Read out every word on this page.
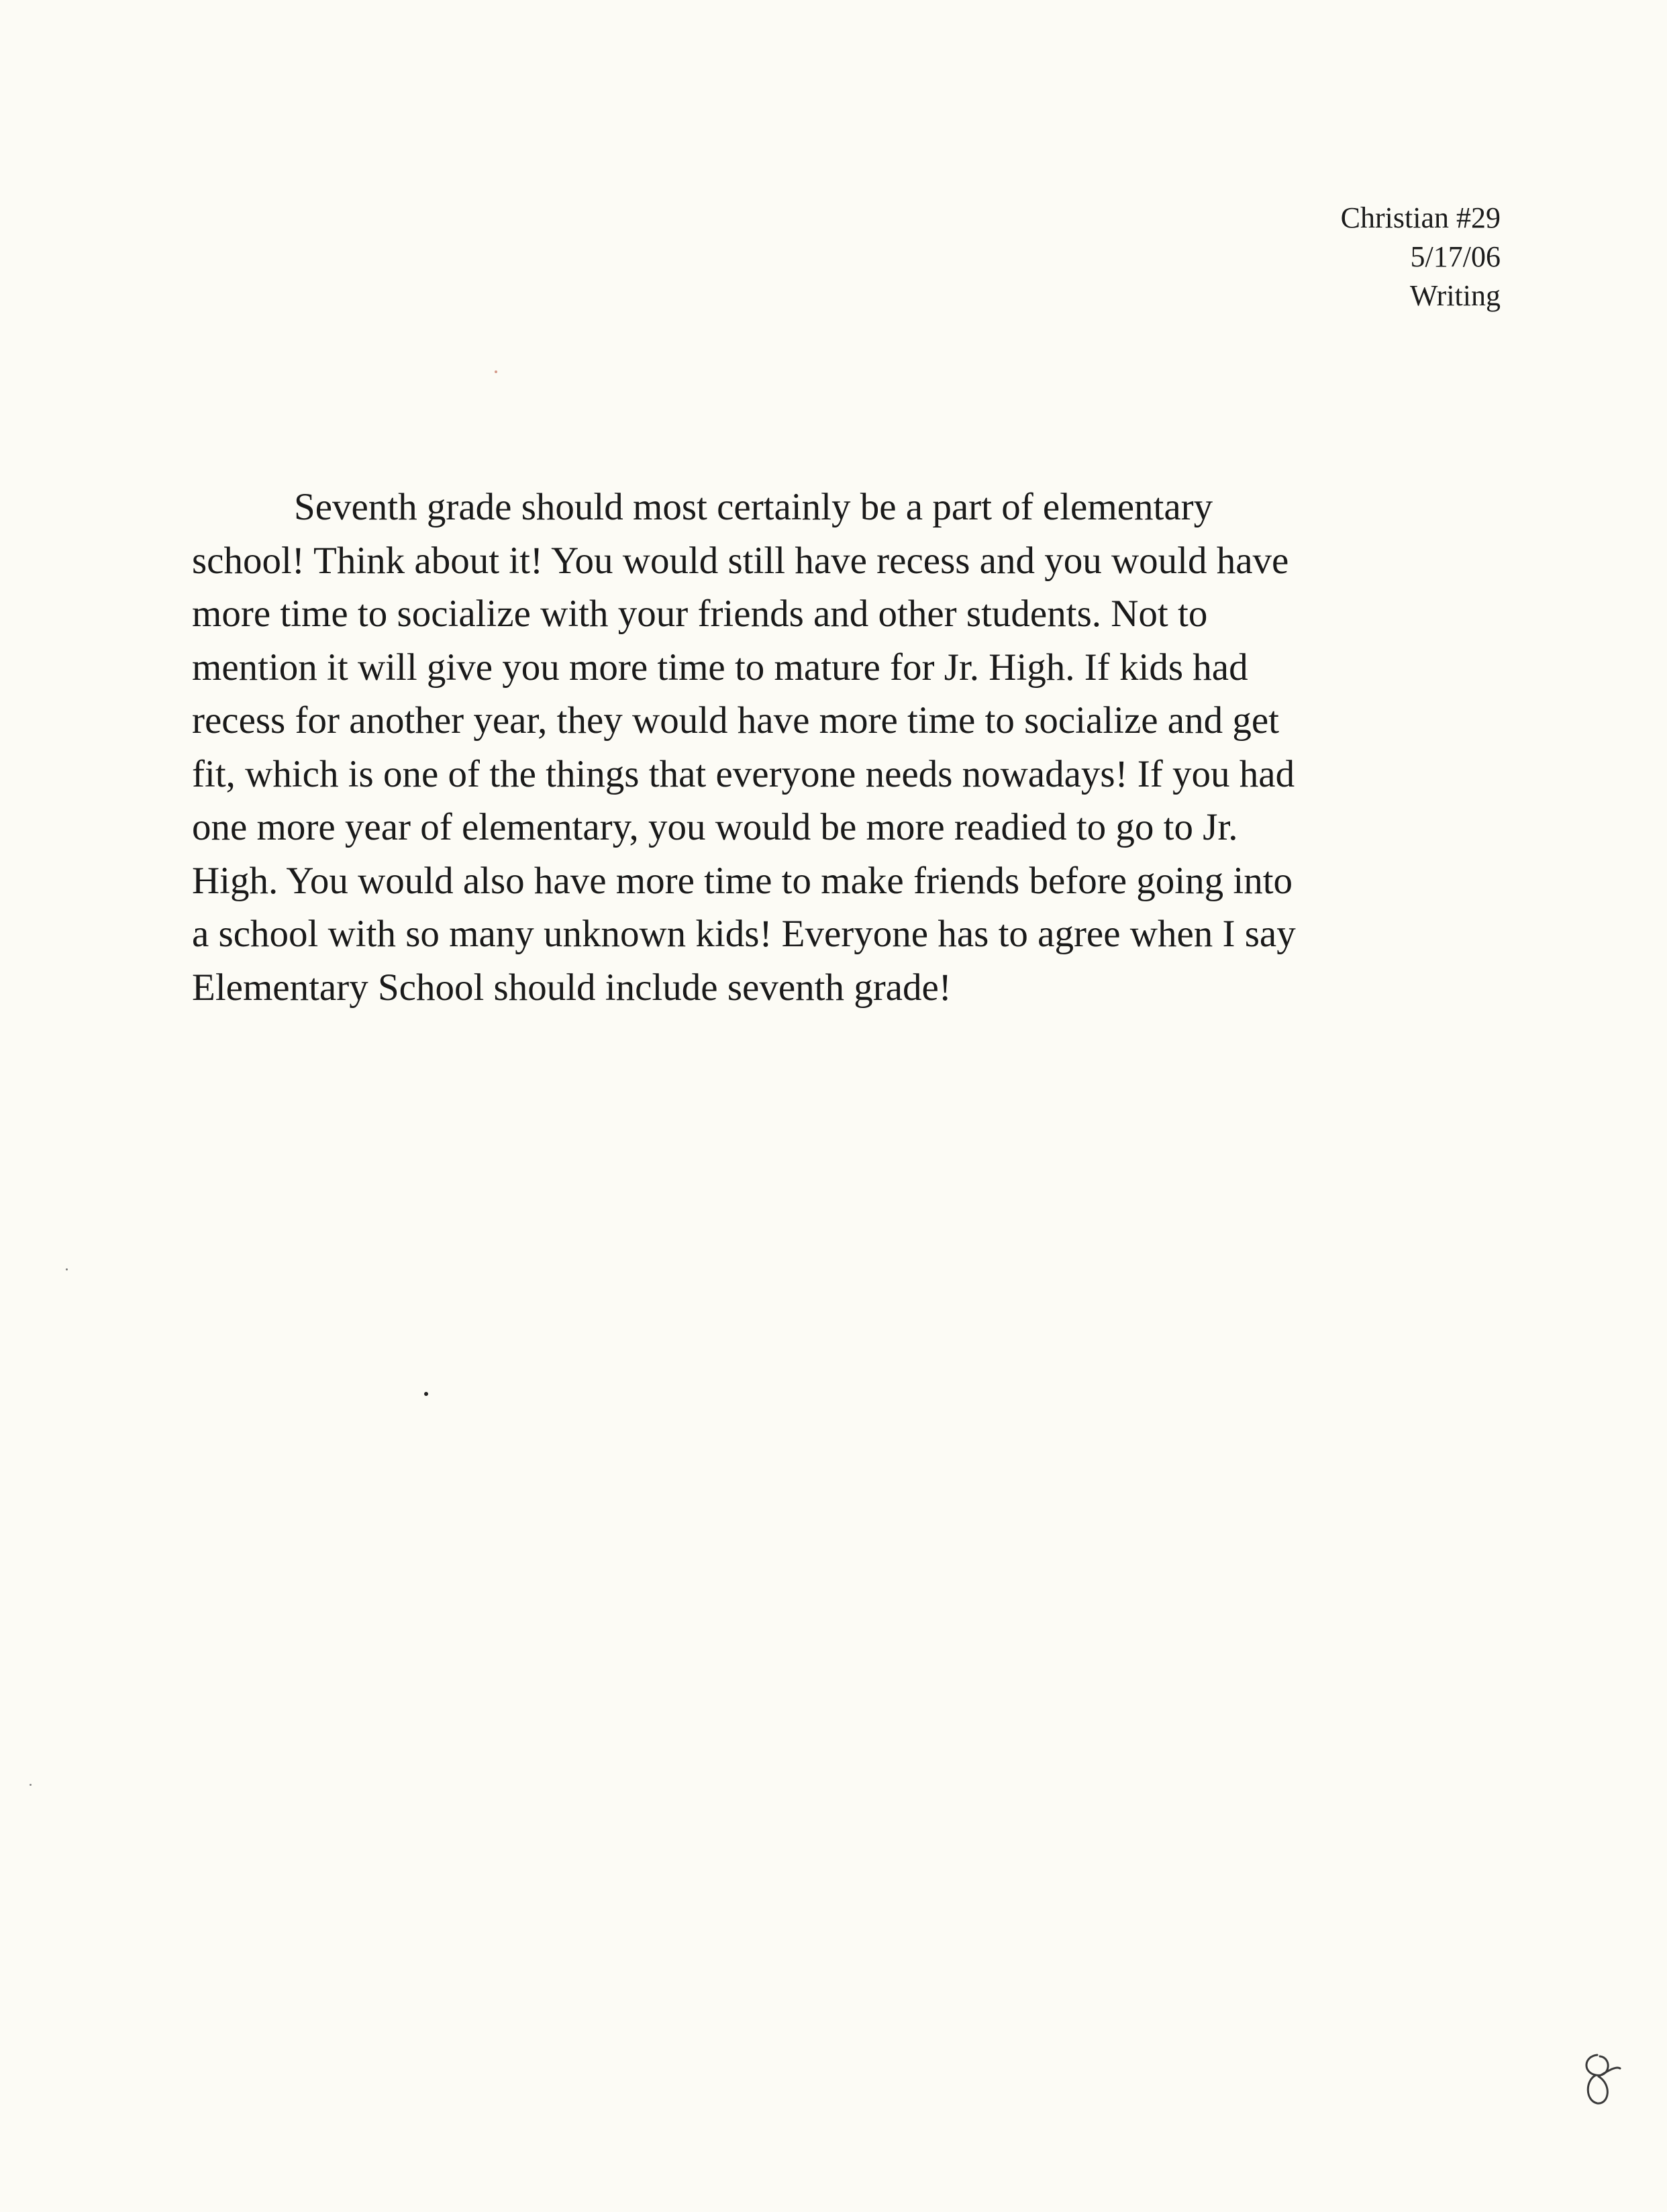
Christian #29
5/17/06
Writing
Seventh grade should most certainly be a part of elementary
school! Think about it! You would still have recess and you would have
more time to socialize with your friends and other students. Not to
mention it will give you more time to mature for Jr. High. If kids had
recess for another year, they would have more time to socialize and get
fit, which is one of the things that everyone needs nowadays! If you had
one more year of elementary, you would be more readied to go to Jr.
High. You would also have more time to make friends before going into
a school with so many unknown kids! Everyone has to agree when I say
Elementary School should include seventh grade!
